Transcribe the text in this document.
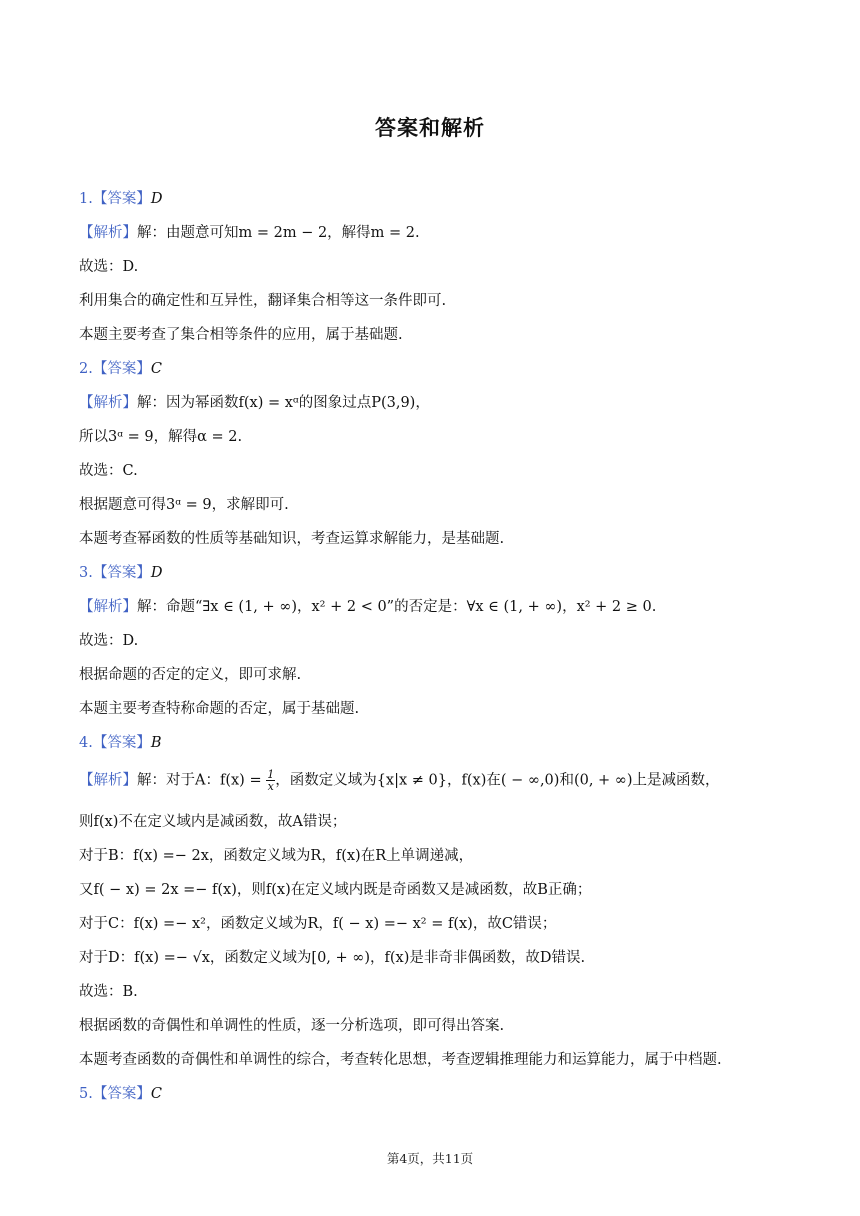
答案和解析
1.【答案】D
【解析】解：由题意可知m = 2m − 2，解得m = 2.
故选：D.
利用集合的确定性和互异性，翻译集合相等这一条件即可.
本题主要考查了集合相等条件的应用，属于基础题.
2.【答案】C
【解析】解：因为幂函数f(x) = xᵅ的图象过点P(3,9)，
所以3ᵅ = 9，解得α = 2.
故选：C.
根据题意可得3ᵅ = 9，求解即可.
本题考查幂函数的性质等基础知识，考查运算求解能力，是基础题.
3.【答案】D
【解析】解：命题“∃x ∈ (1, + ∞)，x² + 2 < 0”的否定是：∀x ∈ (1, + ∞)，x² + 2 ≥ 0.
故选：D.
根据命题的否定的定义，即可求解.
本题主要考查特称命题的否定，属于基础题.
4.【答案】B
【解析】解：对于A：$f(x) = \frac{1}{x}$ ，函数定义域为{x|x ≠ 0}，f(x)在( − ∞,0)和(0, + ∞)上是减函数，
则f(x)不在定义域内是减函数，故A错误；
对于B：f(x) =− 2x，函数定义域为R，f(x)在R上单调递减，
又f( − x) = 2x =− f(x)，则f(x)在定义域内既是奇函数又是减函数，故B正确；
对于C：f(x) =− x²，函数定义域为R，f( − x) =− x² = f(x)，故C错误；
对于D：f(x) =− √x，函数定义域为[0, + ∞)，f(x)是非奇非偶函数，故D错误.
故选：B.
根据函数的奇偶性和单调性的性质，逐一分析选项，即可得出答案.
本题考查函数的奇偶性和单调性的综合，考查转化思想，考查逻辑推理能力和运算能力，属于中档题.
5.【答案】C
第4页，共11页
